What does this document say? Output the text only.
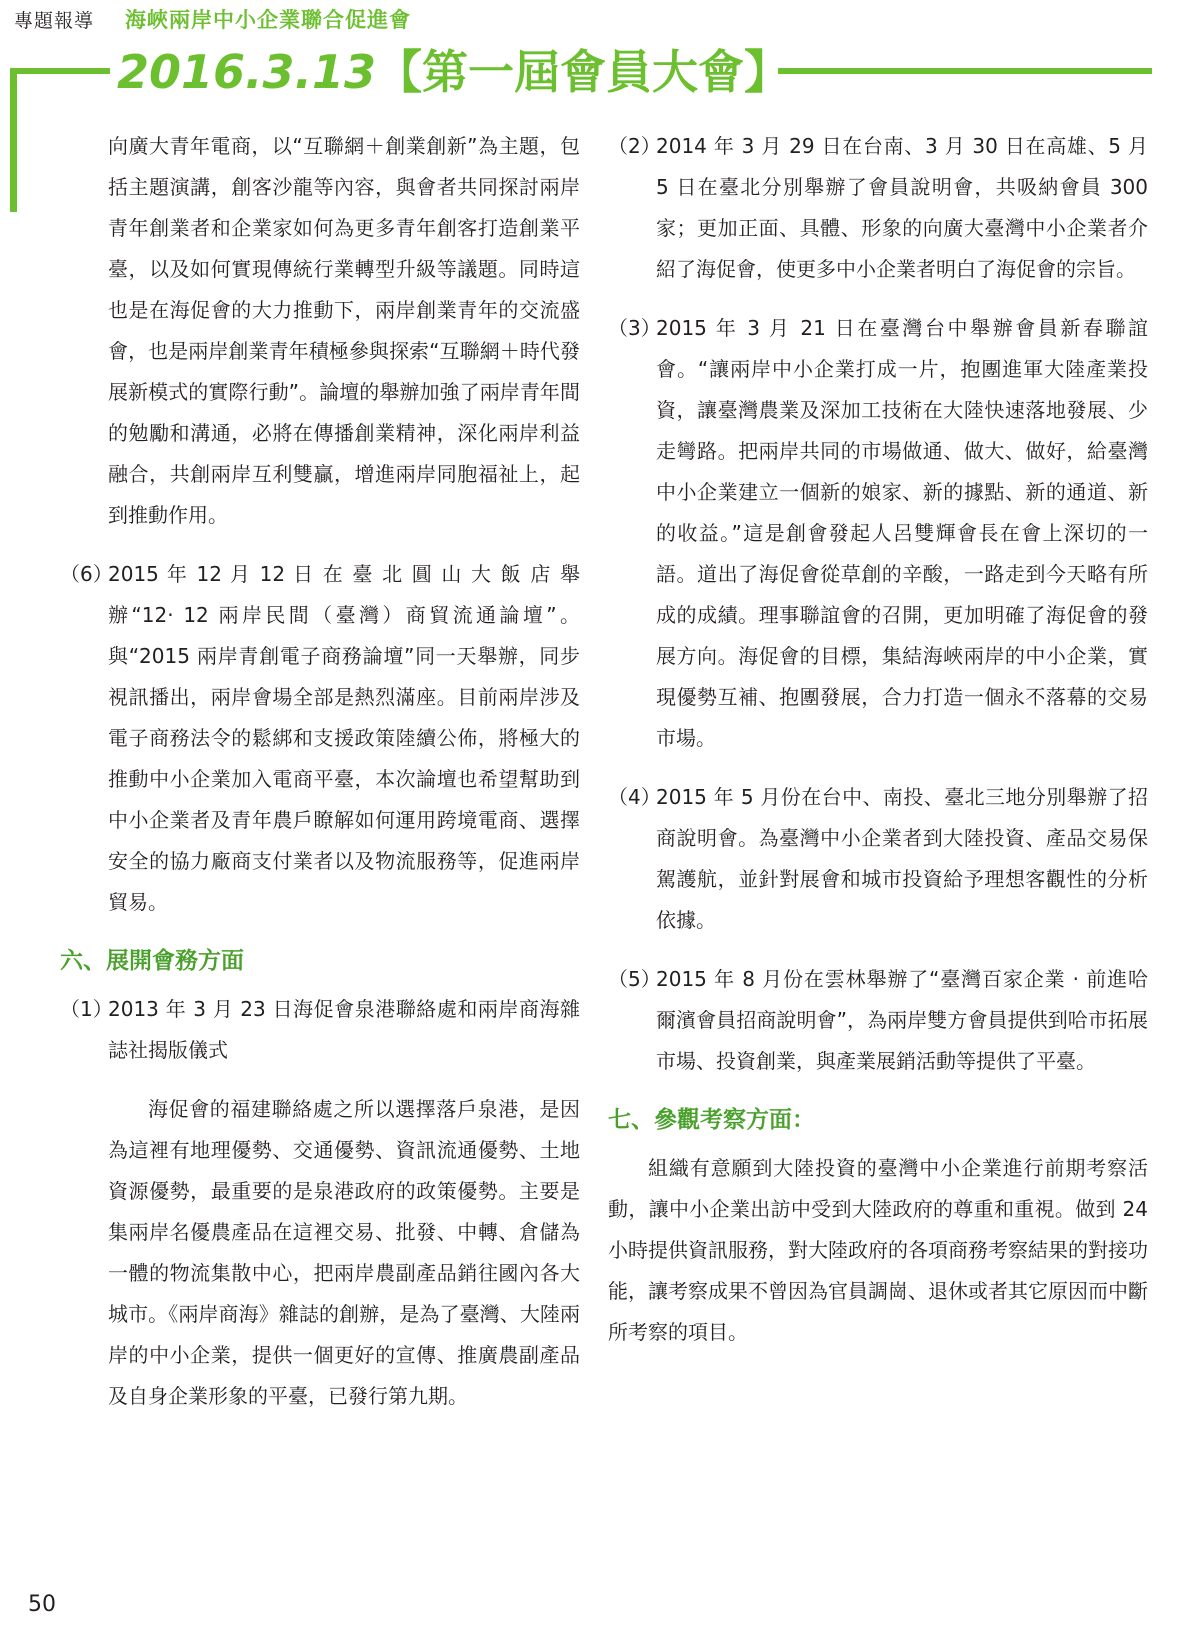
專題報導 海峽兩岸中小企業聯合促進會
2016.3.13【第一屆會員大會】

向廣大青年電商，以“互聯網＋創業創新”為主題，包括主題演講，創客沙龍等內容，與會者共同探討兩岸青年創業者和企業家如何為更多青年創客打造創業平臺，以及如何實現傳統行業轉型升級等議題。同時這也是在海促會的大力推動下，兩岸創業青年的交流盛會，也是兩岸創業青年積極參與探索“互聯網＋時代發展新模式的實際行動”。論壇的舉辦加強了兩岸青年間的勉勵和溝通，必將在傳播創業精神，深化兩岸利益融合，共創兩岸互利雙贏，增進兩岸同胞福祉上，起到推動作用。

（6）
2015 年 12 月 12 日 在 臺 北 圓 山 大 飯 店 舉 辦“12· 12 兩岸民間（臺灣）商貿流通論壇”。與“2015 兩岸青創電子商務論壇”同一天舉辦，同步視訊播出，兩岸會場全部是熱烈滿座。目前兩岸涉及電子商務法令的鬆綁和支援政策陸續公佈，將極大的推動中小企業加入電商平臺，本次論壇也希望幫助到中小企業者及青年農戶瞭解如何運用跨境電商、選擇安全的協力廠商支付業者以及物流服務等，促進兩岸貿易。
六、展開會務方面
（1）
2013 年 3 月 23 日海促會泉港聯絡處和兩岸商海雜誌社揭版儀式

海促會的福建聯絡處之所以選擇落戶泉港，是因為這裡有地理優勢、交通優勢、資訊流通優勢、土地資源優勢，最重要的是泉港政府的政策優勢。主要是集兩岸名優農產品在這裡交易、批發、中轉、倉儲為一體的物流集散中心，把兩岸農副產品銷往國內各大城市。《兩岸商海》雜誌的創辦，是為了臺灣、大陸兩岸的中小企業，提供一個更好的宣傳、推廣農副產品及自身企業形象的平臺，已發行第九期。

（2）
2014 年 3 月 29 日在台南、3 月 30 日在高雄、5 月 5 日在臺北分別舉辦了會員說明會，共吸納會員 300 家；更加正面、具體、形象的向廣大臺灣中小企業者介紹了海促會，使更多中小企業者明白了海促會的宗旨。
（3）
2015 年 3 月 21 日在臺灣台中舉辦會員新春聯誼會。“讓兩岸中小企業打成一片，抱團進軍大陸產業投資，讓臺灣農業及深加工技術在大陸快速落地發展、少走彎路。把兩岸共同的市場做通、做大、做好，給臺灣中小企業建立一個新的娘家、新的據點、新的通道、新的收益。”這是創會發起人呂雙輝會長在會上深切的一語。道出了海促會從草創的辛酸，一路走到今天略有所成的成績。理事聯誼會的召開，更加明確了海促會的發展方向。海促會的目標，集結海峽兩岸的中小企業，實現優勢互補、抱團發展，合力打造一個永不落幕的交易市場。
（4）
2015 年 5 月份在台中、南投、臺北三地分別舉辦了招商說明會。為臺灣中小企業者到大陸投資、產品交易保駕護航，並針對展會和城市投資給予理想客觀性的分析依據。
（5）
2015 年 8 月份在雲林舉辦了“臺灣百家企業 · 前進哈爾濱會員招商說明會”，為兩岸雙方會員提供到哈市拓展市場、投資創業，與產業展銷活動等提供了平臺。
七、參觀考察方面：

組織有意願到大陸投資的臺灣中小企業進行前期考察活動，讓中小企業出訪中受到大陸政府的尊重和重視。做到 24 小時提供資訊服務，對大陸政府的各項商務考察結果的對接功能，讓考察成果不曾因為官員調崗、退休或者其它原因而中斷所考察的項目。

50
